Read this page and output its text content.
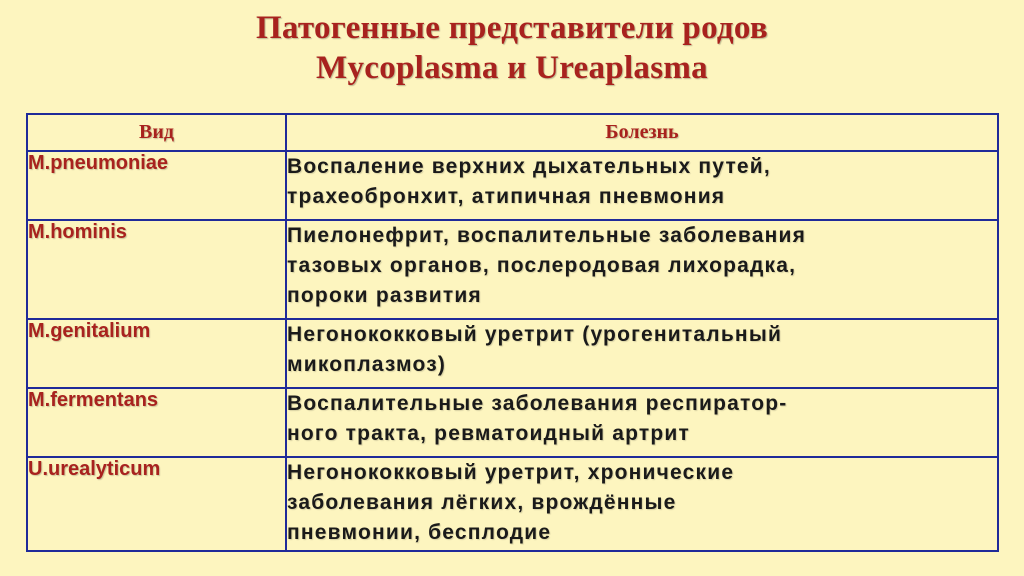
Патогенные представители родов
Mycoplasma и Ureaplasma
Вид	Болезнь
M.pneumoniae	Воспаление верхних дыхательных путей,
трахеобронхит, атипичная пневмония

M.hominis	Пиелонефрит, воспалительные заболевания
тазовых органов, послеродовая лихорадка,
пороки развития

M.genitalium	Негонококковый уретрит (урогенитальный
микоплазмоз)

M.fermentans	Воспалительные заболевания респиратор-
ного тракта, ревматоидный артрит

U.urealyticum	Негонококковый уретрит, хронические
заболевания лёгких, врождённые
пневмонии, бесплодие
